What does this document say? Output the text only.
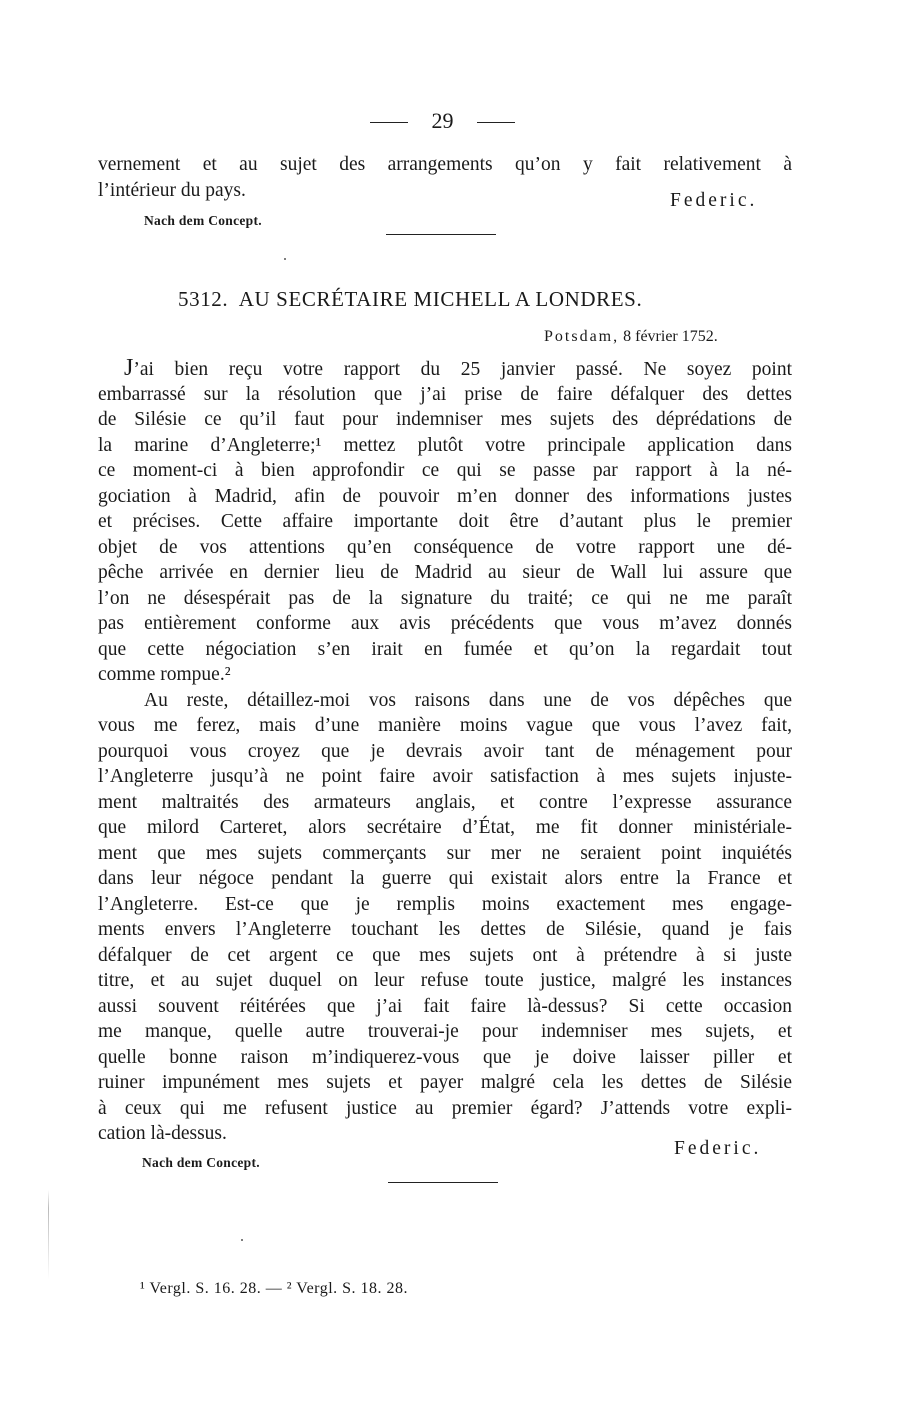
29
vernement et au sujet des arrangements qu’on y fait relativement à
l’intérieur du pays.	Federic.
Nach dem Concept.
5312. AU SECRÉTAIRE MICHELL A LONDRES.
Potsdam, 8 février 1752.
J’ai bien reçu votre rapport du 25 janvier passé. Ne soyez point
embarrassé sur la résolution que j’ai prise de faire défalquer des dettes
de Silésie ce qu’il faut pour indemniser mes sujets des déprédations de
la marine d’Angleterre;¹ mettez plutôt votre principale application dans
ce moment-ci à bien approfondir ce qui se passe par rapport à la né-
gociation à Madrid, afin de pouvoir m’en donner des informations justes
et précises. Cette affaire importante doit être d’autant plus le premier
objet de vos attentions qu’en conséquence de votre rapport une dé-
pêche arrivée en dernier lieu de Madrid au sieur de Wall lui assure que
l’on ne désespérait pas de la signature du traité; ce qui ne me paraît
pas entièrement conforme aux avis précédents que vous m’avez donnés
que cette négociation s’en irait en fumée et qu’on la regardait tout
comme rompue.²
Au reste, détaillez-moi vos raisons dans une de vos dépêches que
vous me ferez, mais d’une manière moins vague que vous l’avez fait,
pourquoi vous croyez que je devrais avoir tant de ménagement pour
l’Angleterre jusqu’à ne point faire avoir satisfaction à mes sujets injuste-
ment maltraités des armateurs anglais, et contre l’expresse assurance
que milord Carteret, alors secrétaire d’État, me fit donner ministériale-
ment que mes sujets commerçants sur mer ne seraient point inquiétés
dans leur négoce pendant la guerre qui existait alors entre la France et
l’Angleterre. Est-ce que je remplis moins exactement mes engage-
ments envers l’Angleterre touchant les dettes de Silésie, quand je fais
défalquer de cet argent ce que mes sujets ont à prétendre à si juste
titre, et au sujet duquel on leur refuse toute justice, malgré les instances
aussi souvent réitérées que j’ai fait faire là-dessus? Si cette occasion
me manque, quelle autre trouverai-je pour indemniser mes sujets, et
quelle bonne raison m’indiquerez-vous que je doive laisser piller et
ruiner impunément mes sujets et payer malgré cela les dettes de Silésie
à ceux qui me refusent justice au premier égard? J’attends votre expli-
cation là-dessus.
Federic.
Nach dem Concept.
¹ Vergl. S. 16. 28. — ² Vergl. S. 18. 28.
